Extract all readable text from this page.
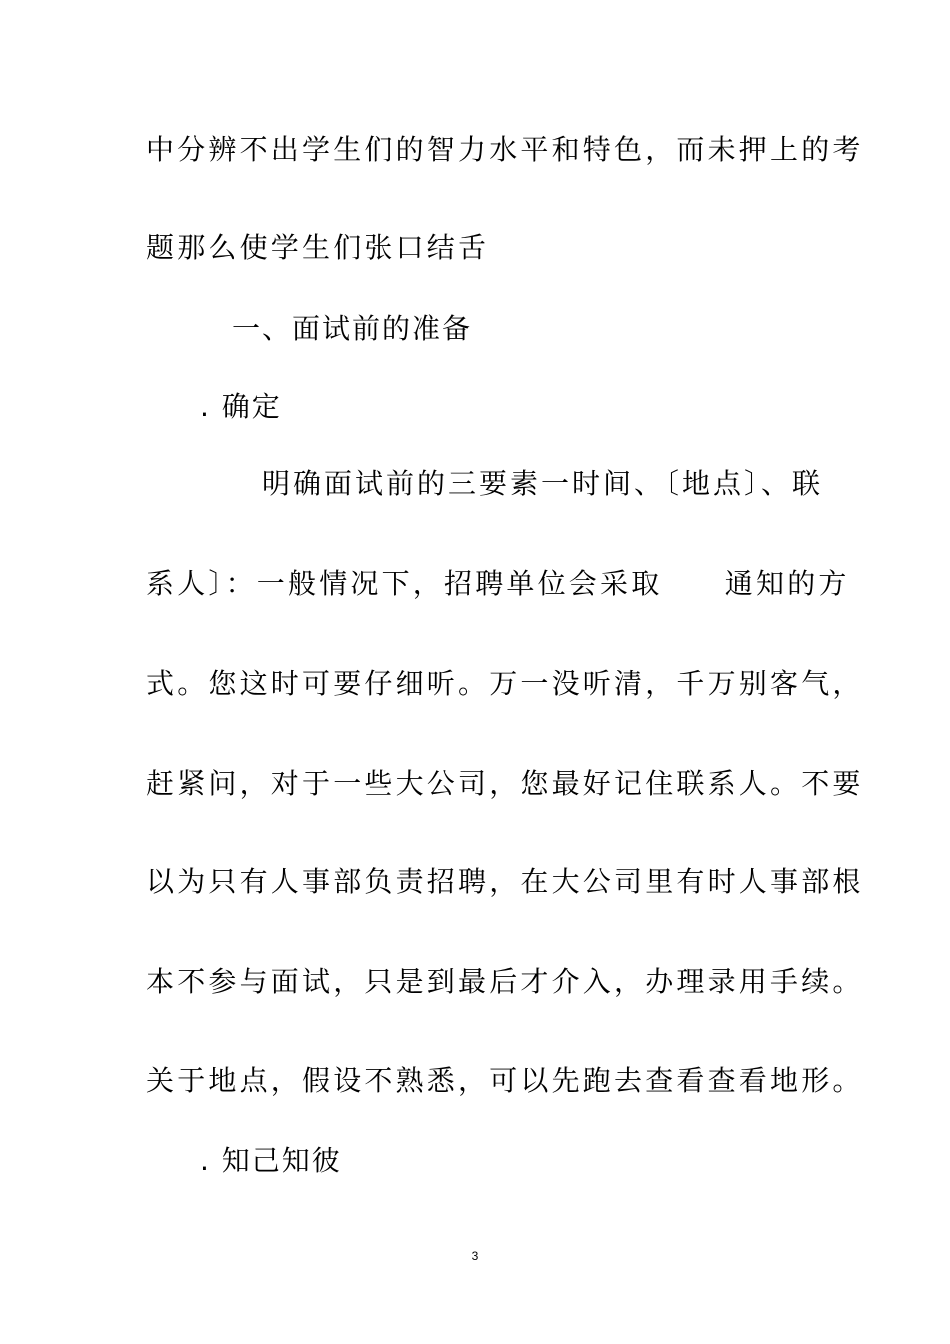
中分辨不出学生们的智力水平和特色，而未押上的考
题那么使学生们张口结舌
一、面试前的准备
. 确定
明确面试前的三要素一时间、〔地点〕、联
系人〕：一般情况下，招聘单位会采取　　通知的方
式。您这时可要仔细听。万一没听清，千万别客气，
赶紧问，对于一些大公司，您最好记住联系人。不要
以为只有人事部负责招聘，在大公司里有时人事部根
本不参与面试，只是到最后才介入，办理录用手续。
关于地点，假设不熟悉，可以先跑去查看查看地形。
. 知己知彼
3
